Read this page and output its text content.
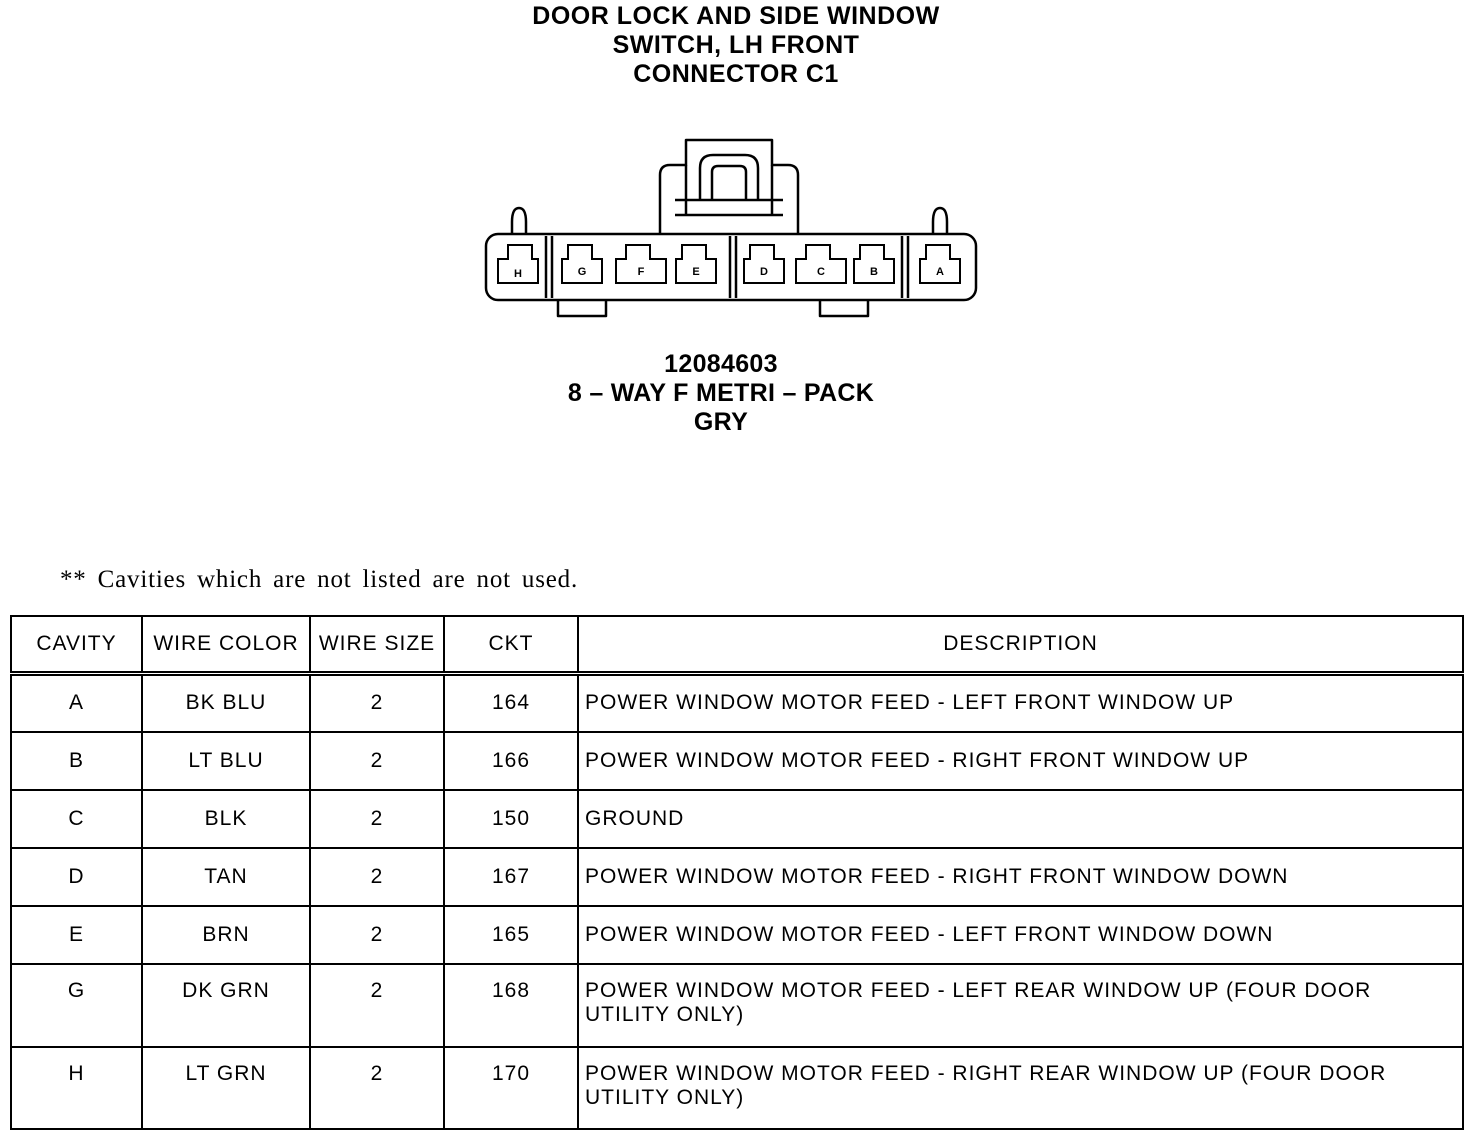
DOOR LOCK AND SIDE WINDOW
SWITCH, LH FRONT
CONNECTOR C1
H	G	F	E	D	C	B	A
12084603
8 – WAY F METRI – PACK
GRY
** Cavities which are not listed are not used.
CAVITY	WIRE COLOR	WIRE SIZE	CKT	DESCRIPTION
A	BK BLU	2	164	POWER WINDOW MOTOR FEED - LEFT FRONT WINDOW UP
B	LT BLU	2	166	POWER WINDOW MOTOR FEED - RIGHT FRONT WINDOW UP
C	BLK	2	150	GROUND
D	TAN	2	167	POWER WINDOW MOTOR FEED - RIGHT FRONT WINDOW DOWN
E	BRN	2	165	POWER WINDOW MOTOR FEED - LEFT FRONT WINDOW DOWN
G	DK GRN	2	168	POWER WINDOW MOTOR FEED - LEFT REAR WINDOW UP (FOUR DOOR UTILITY ONLY)
H	LT GRN	2	170	POWER WINDOW MOTOR FEED - RIGHT REAR WINDOW UP (FOUR DOOR UTILITY ONLY)
